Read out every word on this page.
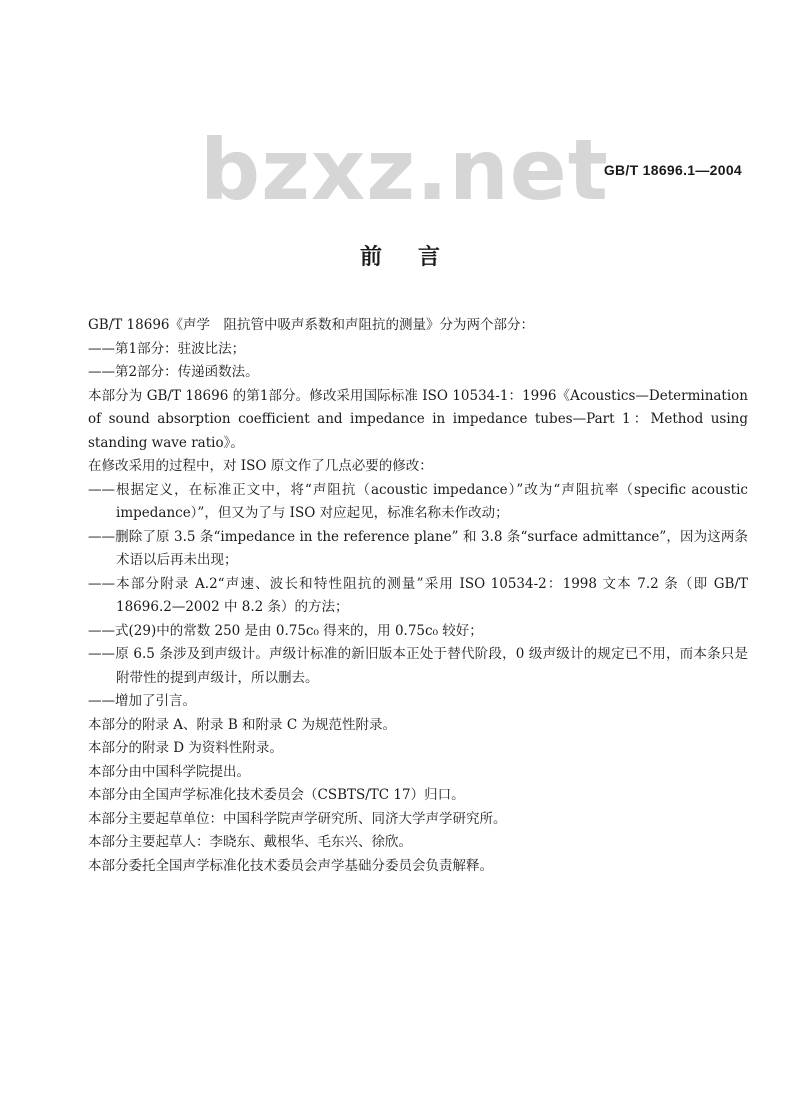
bzxz.net
GB/T 18696.1—2004
前言
GB/T 18696《声学　阻抗管中吸声系数和声阻抗的测量》分为两个部分：
——第1部分：驻波比法；
——第2部分：传递函数法。
本部分为 GB/T 18696 的第1部分。修改采用国际标准 ISO 10534-1：1996《Acoustics—Determination of sound absorption coefficient and impedance in impedance tubes—Part 1：Method using standing wave ratio》。
在修改采用的过程中，对 ISO 原文作了几点必要的修改：
——根据定义，在标准正文中，将“声阻抗（acoustic impedance）”改为“声阻抗率（specific acoustic impedance）”，但又为了与 ISO 对应起见，标准名称未作改动；
——删除了原 3.5 条“impedance in the reference plane” 和 3.8 条“surface admittance”，因为这两条术语以后再未出现；
——本部分附录 A.2“声速、波长和特性阻抗的测量”采用 ISO 10534-2：1998 文本 7.2 条（即 GB/T 18696.2—2002 中 8.2 条）的方法；
——式(29)中的常数 250 是由 0.75c₀ 得来的，用 0.75c₀ 较好；
——原 6.5 条涉及到声级计。声级计标准的新旧版本正处于替代阶段，0 级声级计的规定已不用，而本条只是附带性的提到声级计，所以删去。
——增加了引言。
本部分的附录 A、附录 B 和附录 C 为规范性附录。
本部分的附录 D 为资料性附录。
本部分由中国科学院提出。
本部分由全国声学标准化技术委员会（CSBTS/TC 17）归口。
本部分主要起草单位：中国科学院声学研究所、同济大学声学研究所。
本部分主要起草人：李晓东、戴根华、毛东兴、徐欣。
本部分委托全国声学标准化技术委员会声学基础分委员会负责解释。
